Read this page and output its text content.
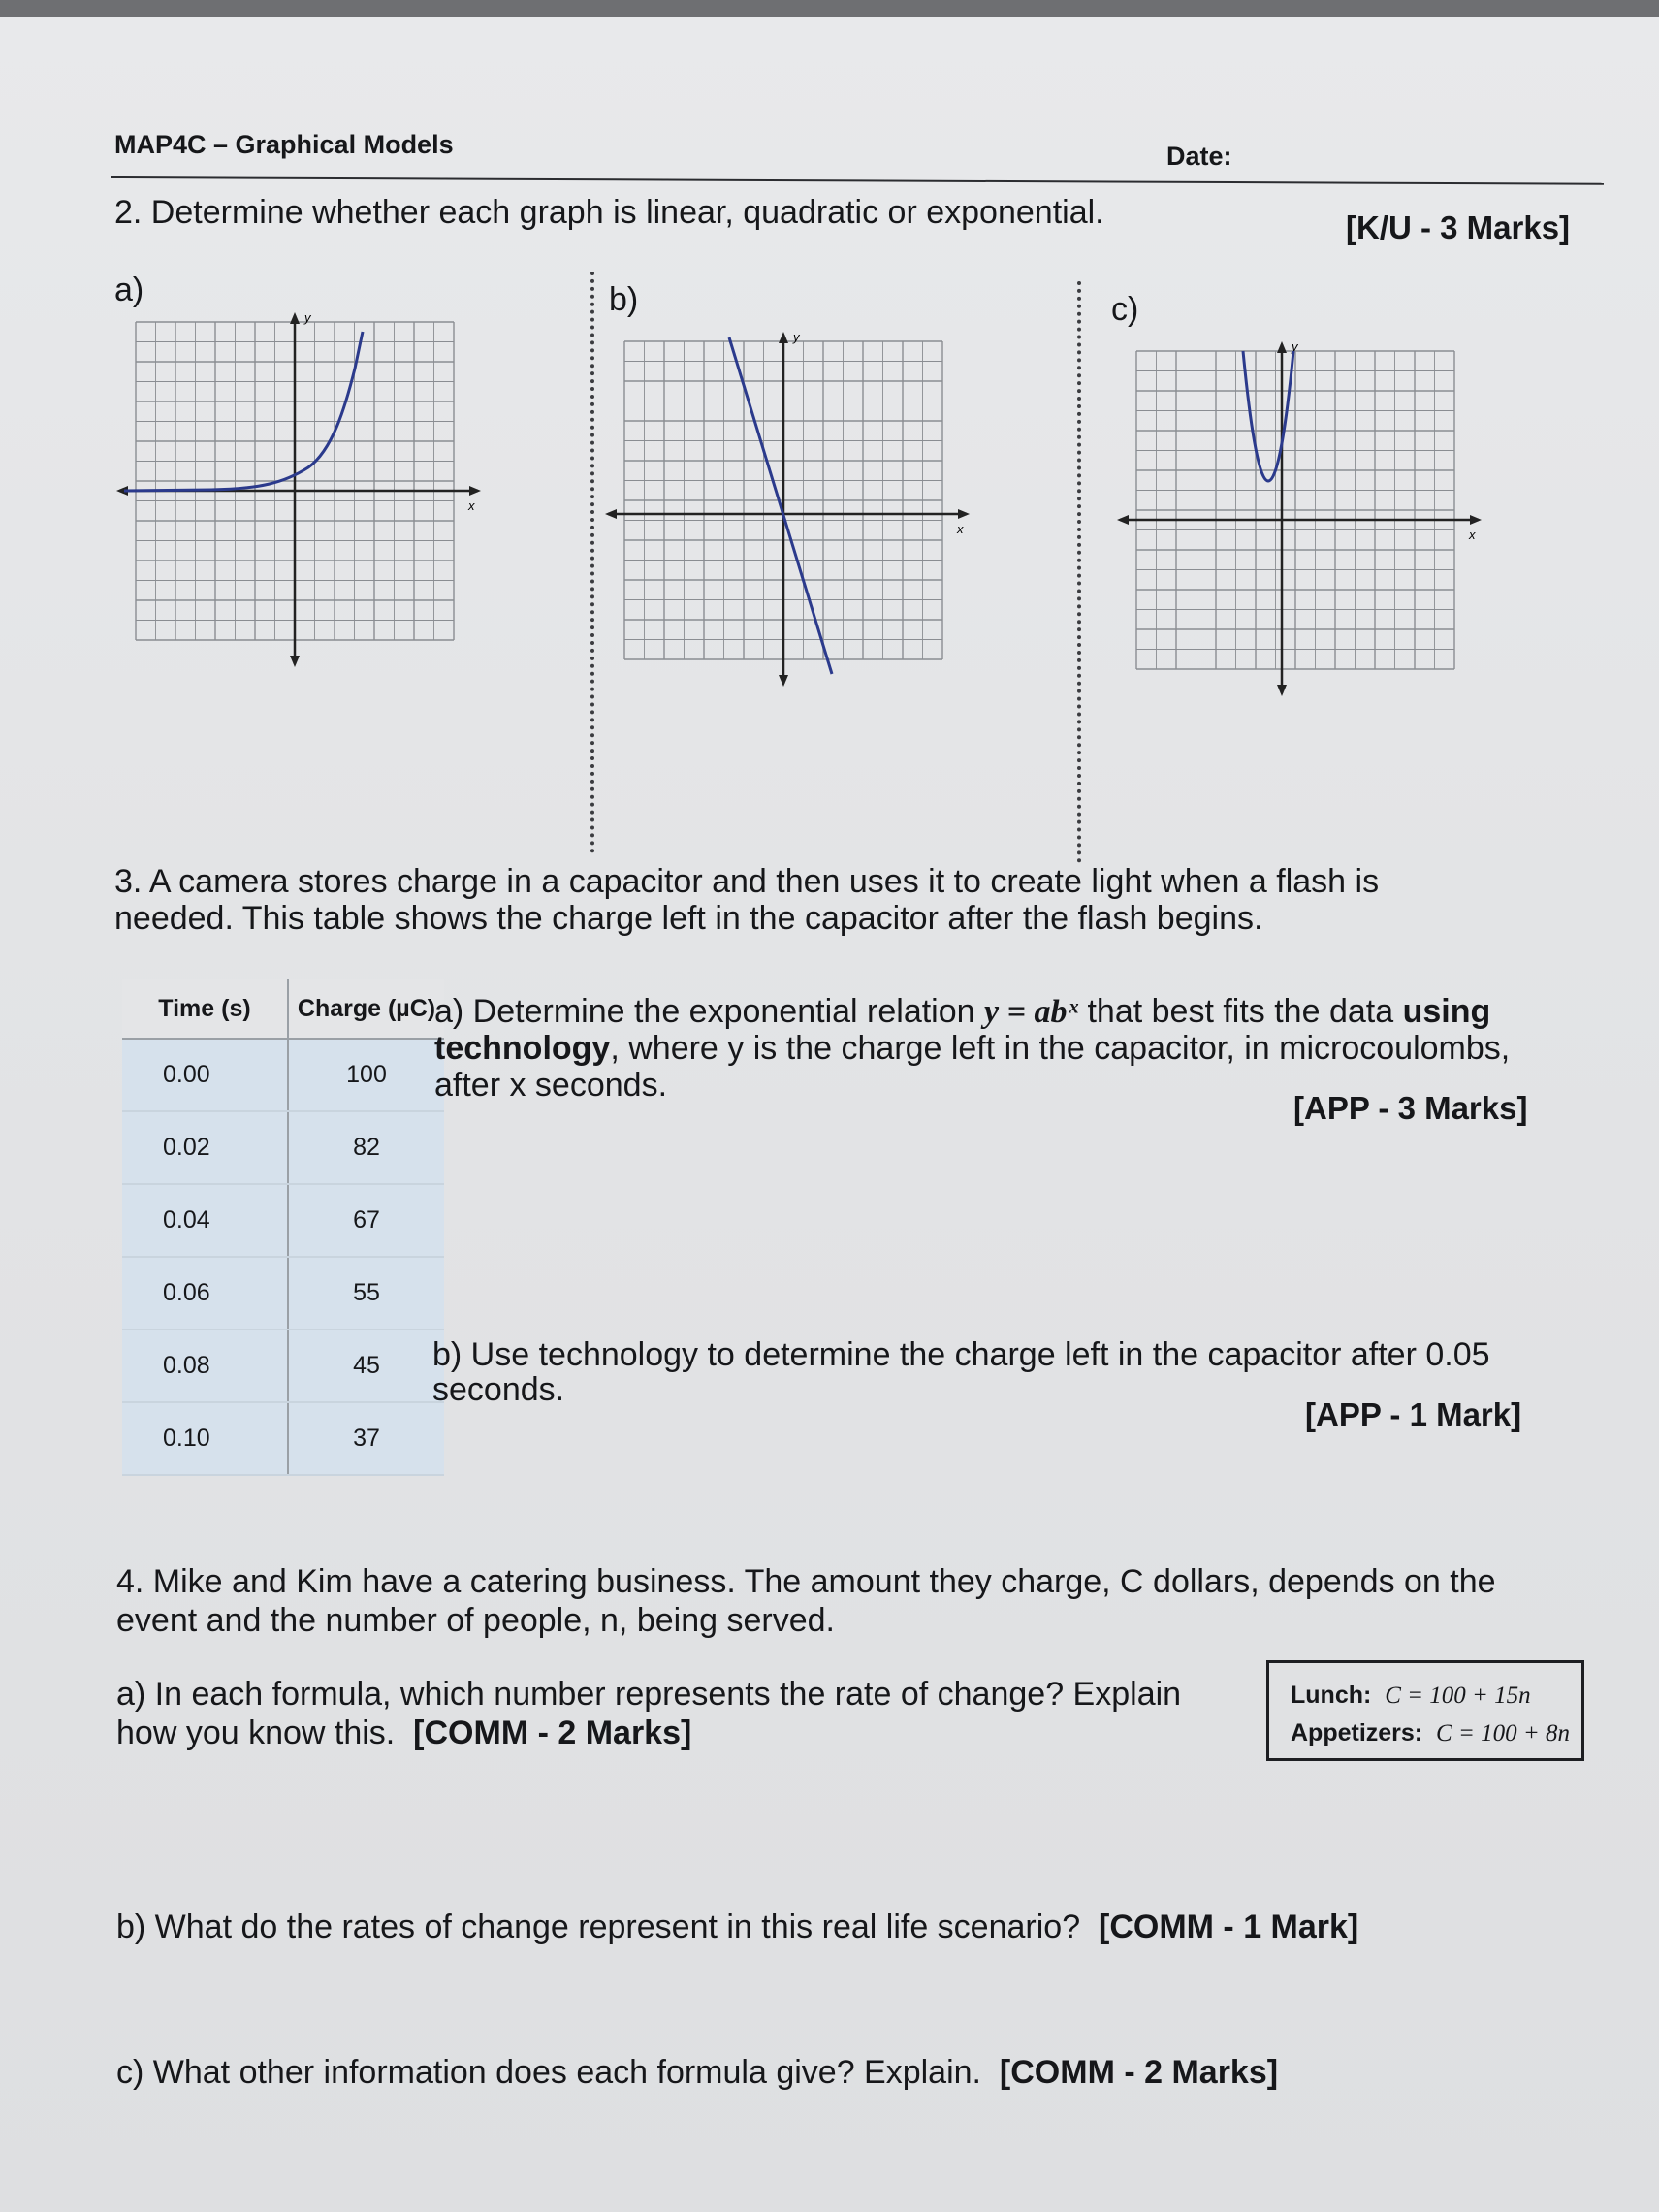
MAP4C – Graphical Models	Date:
2. Determine whether each graph is linear, quadratic or exponential.	[K/U - 3 Marks]
a)	b)	c)
y
x
y
x
y
x
3. A camera stores charge in a capacitor and then uses it to create light when a flash is
needed. This table shows the charge left in the capacitor after the flash begins.
Time (s)	Charge (µC)
0.00	100
0.02	82
0.04	67
0.06	55
0.08	45
0.10	37
a) Determine the exponential relation y = abˣ that best fits the data using
technology, where y is the charge left in the capacitor, in microcoulombs,
after x seconds.
[APP - 3 Marks]
b) Use technology to determine the charge left in the capacitor after 0.05
seconds.
[APP - 1 Mark]
4. Mike and Kim have a catering business. The amount they charge, C dollars, depends on the
event and the number of people, n, being served.
a) In each formula, which number represents the rate of change? Explain
how you know this. [COMM - 2 Marks]
Lunch: C = 100 + 15n
Appetizers: C = 100 + 8n
b) What do the rates of change represent in this real life scenario? [COMM - 1 Mark]
c) What other information does each formula give? Explain. [COMM - 2 Marks]
